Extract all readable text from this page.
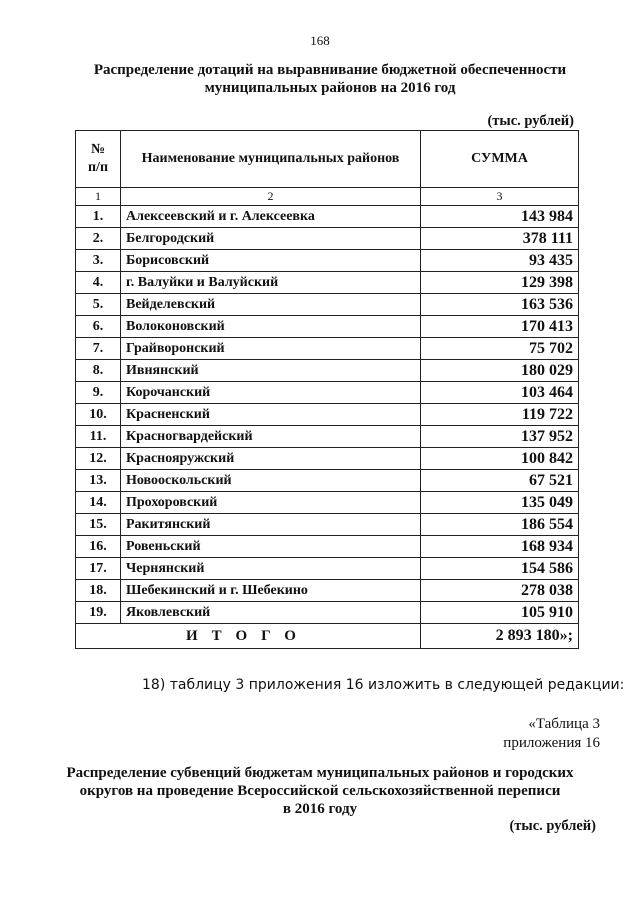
168
Распределение дотаций на выравнивание бюджетной обеспеченности
муниципальных районов на 2016 год
(тыс. рублей)
№
п/п	Наименование муниципальных районов	СУММА
1	2	3
1.	Алексеевский и г. Алексеевка	143 984
2.	Белгородский	378 111
3.	Борисовский	93 435
4.	г. Валуйки и Валуйский	129 398
5.	Вейделевский	163 536
6.	Волоконовский	170 413
7.	Грайворонский	75 702
8.	Ивнянский	180 029
9.	Корочанский	103 464
10.	Красненский	119 722
11.	Красногвардейский	137 952
12.	Краснояружский	100 842
13.	Новооскольский	67 521
14.	Прохоровский	135 049
15.	Ракитянский	186 554
16.	Ровеньский	168 934
17.	Чернянский	154 586
18.	Шебекинский и г. Шебекино	278 038
19.	Яковлевский	105 910
ИТОГО		2 893 180»;
18) таблицу 3 приложения 16 изложить в следующей редакции:
«Таблица 3
приложения 16
Распределение субвенций бюджетам муниципальных районов и городских
округов на проведение Всероссийской сельскохозяйственной переписи
в 2016 году
(тыс. рублей)
